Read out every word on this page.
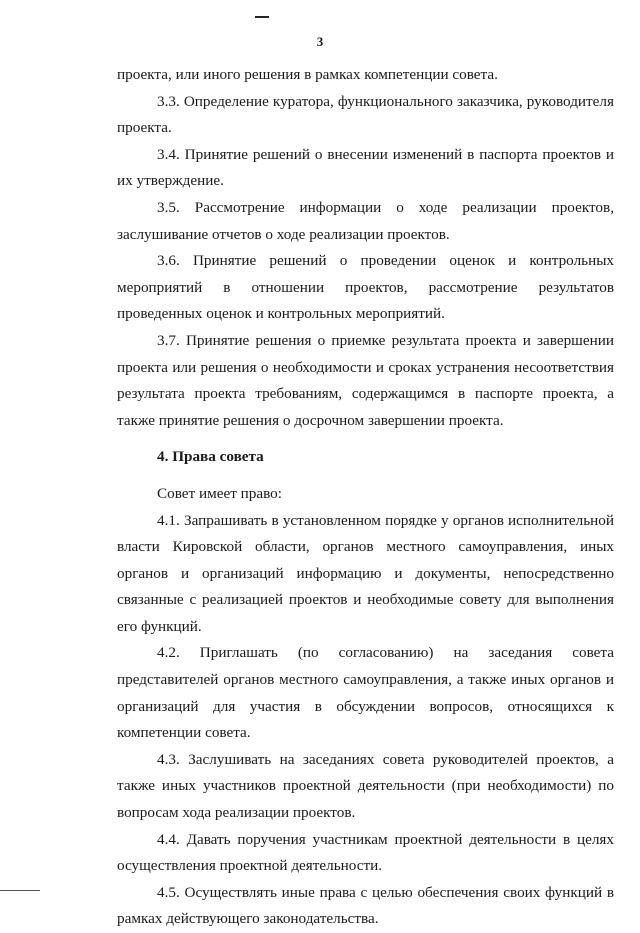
3

проекта, или иного решения в рамках компетенции совета.

3.3. Определение куратора, функционального заказчика, руководителя проекта.

3.4. Принятие решений о внесении изменений в паспорта проектов и их утверждение.

3.5. Рассмотрение информации о ходе реализации проектов, заслушивание отчетов о ходе реализации проектов.

3.6. Принятие решений о проведении оценок и контрольных мероприятий в отношении проектов, рассмотрение результатов проведенных оценок и контрольных мероприятий.

3.7. Принятие решения о приемке результата проекта и завершении проекта или решения о необходимости и сроках устранения несоответствия результата проекта требованиям, содержащимся в паспорте проекта, а также принятие решения о досрочном завершении проекта.

4. Права совета

Совет имеет право:

4.1. Запрашивать в установленном порядке у органов исполнительной власти Кировской области, органов местного самоуправления, иных органов и организаций информацию и документы, непосредственно связанные с реализацией проектов и необходимые совету для выполнения его функций.

4.2. Приглашать (по согласованию) на заседания совета представителей органов местного самоуправления, а также иных органов и организаций для участия в обсуждении вопросов, относящихся к компетенции совета.

4.3. Заслушивать на заседаниях совета руководителей проектов, а также иных участников проектной деятельности (при необходимости) по вопросам хода реализации проектов.

4.4. Давать поручения участникам проектной деятельности в целях осуществления проектной деятельности.

4.5. Осуществлять иные права с целью обеспечения своих функций в рамках действующего законодательства.
